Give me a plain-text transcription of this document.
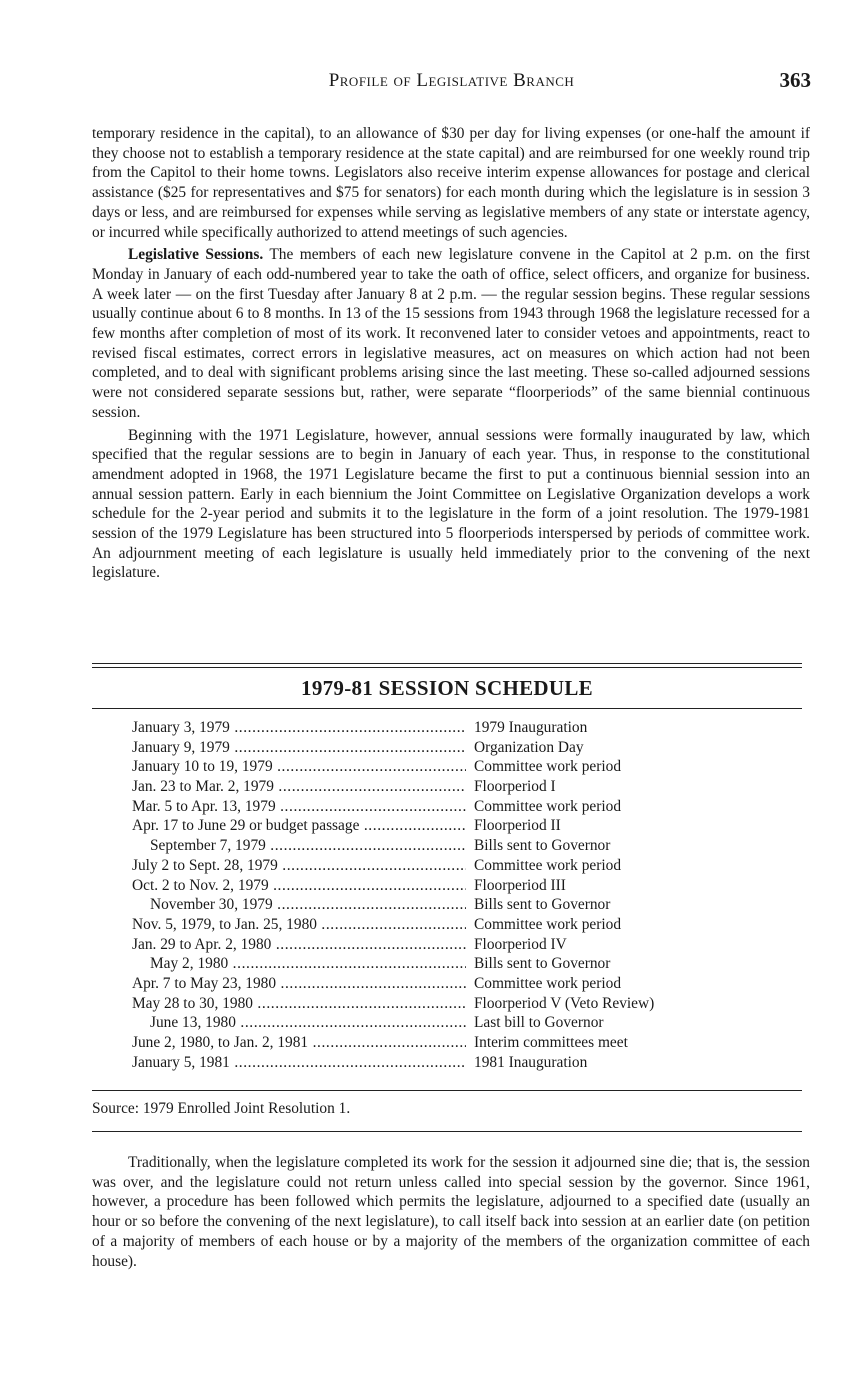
Profile of Legislative Branch	363

temporary residence in the capital), to an allowance of $30 per day for living expenses (or one-half the amount if they choose not to establish a temporary residence at the state capital) and are reimbursed for one weekly round trip from the Capitol to their home towns. Legislators also receive interim expense allowances for postage and clerical assistance ($25 for representatives and $75 for senators) for each month during which the legislature is in session 3 days or less, and are reimbursed for expenses while serving as legislative members of any state or interstate agency, or incurred while specifically authorized to attend meetings of such agencies.

Legislative Sessions. The members of each new legislature convene in the Capitol at 2 p.m. on the first Monday in January of each odd-numbered year to take the oath of office, select officers, and organize for business. A week later — on the first Tuesday after January 8 at 2 p.m. — the regular session begins. These regular sessions usually continue about 6 to 8 months. In 13 of the 15 sessions from 1943 through 1968 the legislature recessed for a few months after completion of most of its work. It reconvened later to consider vetoes and appointments, react to revised fiscal estimates, correct errors in legislative measures, act on measures on which action had not been completed, and to deal with significant problems arising since the last meeting. These so-called adjourned sessions were not considered separate sessions but, rather, were separate “floorperiods” of the same biennial continuous session.

Beginning with the 1971 Legislature, however, annual sessions were formally inaugurated by law, which specified that the regular sessions are to begin in January of each year. Thus, in response to the constitutional amendment adopted in 1968, the 1971 Legislature became the first to put a continuous biennial session into an annual session pattern. Early in each biennium the Joint Committee on Legislative Organization develops a work schedule for the 2-year period and submits it to the legislature in the form of a joint resolution. The 1979-1981 session of the 1979 Legislature has been structured into 5 floorperiods interspersed by periods of committee work. An adjournment meeting of each legislature is usually held immediately prior to the convening of the next legislature.

1979-81 SESSION SCHEDULE
January 3, 1979 .....	1979 Inauguration
January 9, 1979 .....	Organization Day
January 10 to 19, 1979 .....	Committee work period
Jan. 23 to Mar. 2, 1979 .....	Floorperiod I
Mar. 5 to Apr. 13, 1979 .....	Committee work period
Apr. 17 to June 29 or budget passage .....	Floorperiod II
September 7, 1979 .....	Bills sent to Governor
July 2 to Sept. 28, 1979 .....	Committee work period
Oct. 2 to Nov. 2, 1979 .....	Floorperiod III
November 30, 1979 .....	Bills sent to Governor
Nov. 5, 1979, to Jan. 25, 1980 .....	Committee work period
Jan. 29 to Apr. 2, 1980 .....	Floorperiod IV
May 2, 1980 .....	Bills sent to Governor
Apr. 7 to May 23, 1980 .....	Committee work period
May 28 to 30, 1980 .....	Floorperiod V (Veto Review)
June 13, 1980 .....	Last bill to Governor
June 2, 1980, to Jan. 2, 1981 .....	Interim committees meet
January 5, 1981 .....	1981 Inauguration
Source: 1979 Enrolled Joint Resolution 1.

Traditionally, when the legislature completed its work for the session it adjourned sine die; that is, the session was over, and the legislature could not return unless called into special session by the governor. Since 1961, however, a procedure has been followed which permits the legislature, adjourned to a specified date (usually an hour or so before the convening of the next legislature), to call itself back into session at an earlier date (on petition of a majority of members of each house or by a majority of the members of the organization committee of each house).
